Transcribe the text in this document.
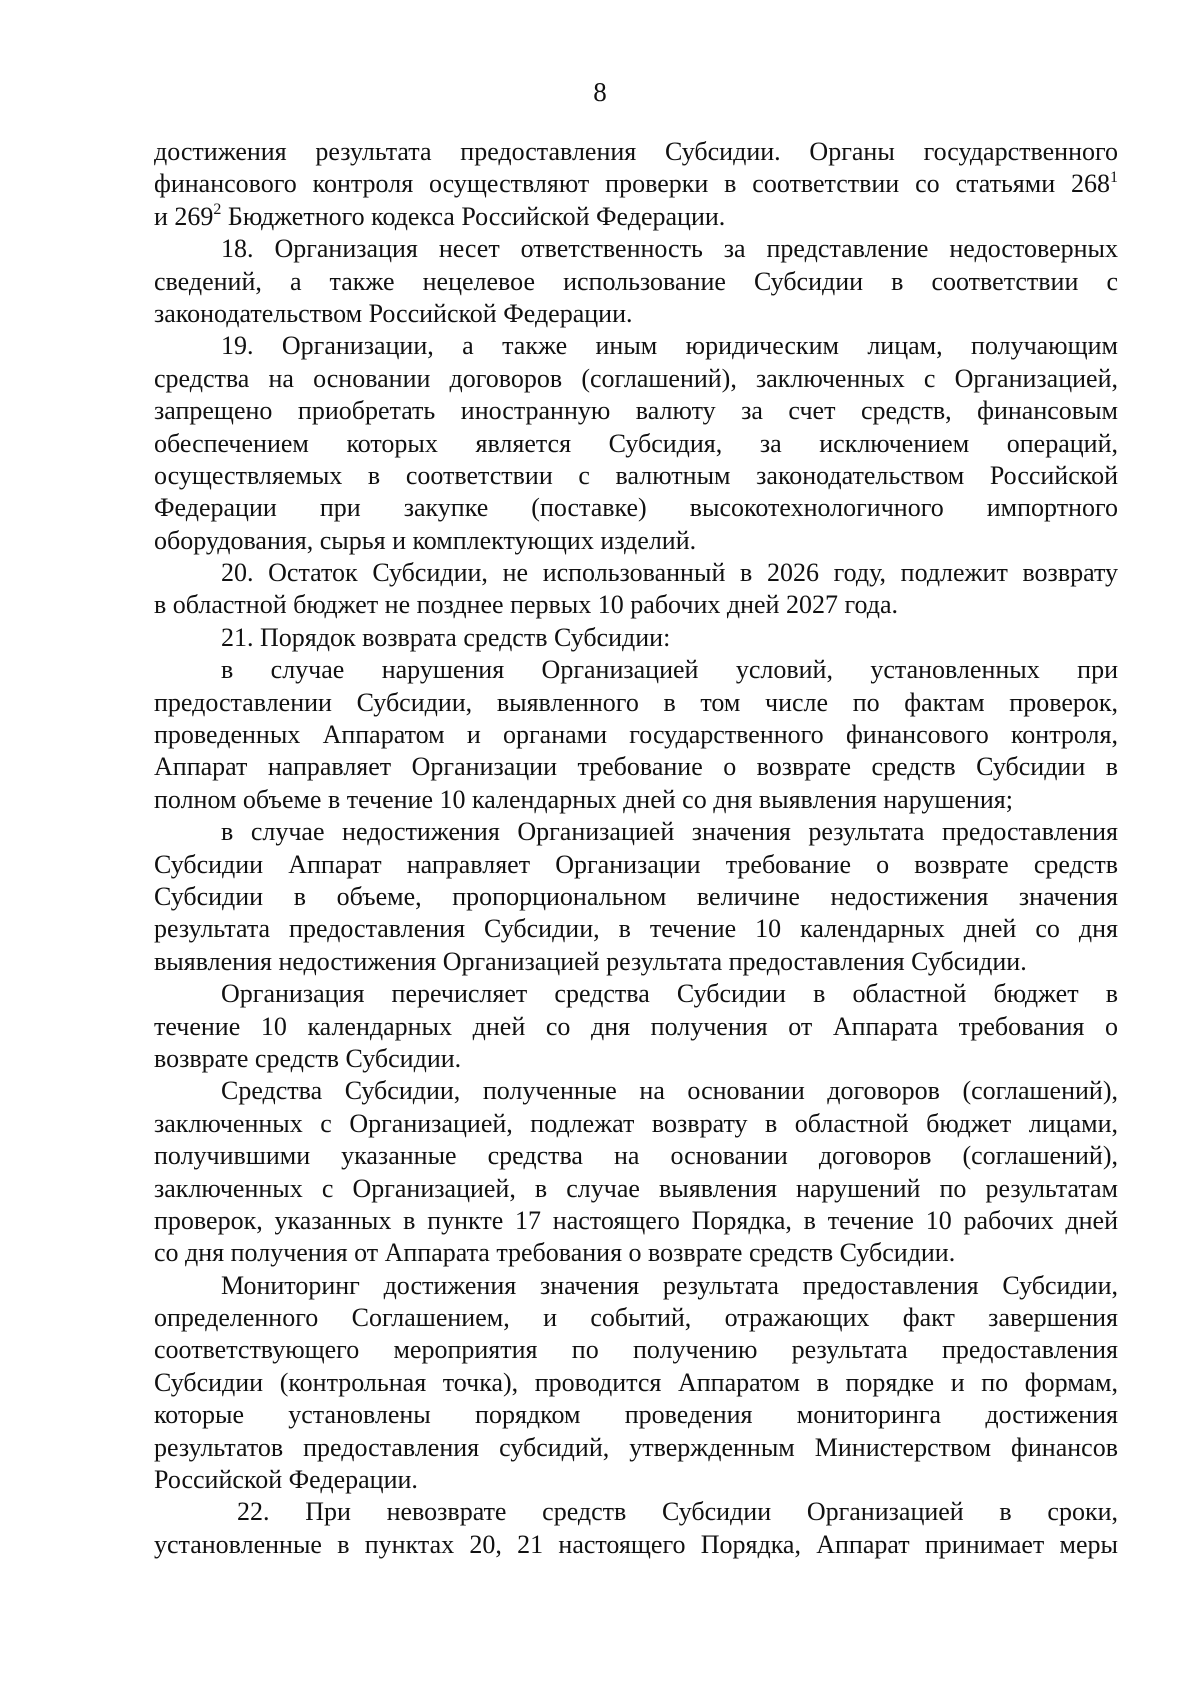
8
достижения результата предоставления Субсидии. Органы государственного
финансового контроля осуществляют проверки в соответствии со статьями $268^1$
и $269^2$ Бюджетного кодекса Российской Федерации.
18. Организация несет ответственность за представление недостоверных
сведений, а также нецелевое использование Субсидии в соответствии с
законодательством Российской Федерации.
19. Организации, а также иным юридическим лицам, получающим
средства на основании договоров (соглашений), заключенных с Организацией,
запрещено приобретать иностранную валюту за счет средств, финансовым
обеспечением которых является Субсидия, за исключением операций,
осуществляемых в соответствии с валютным законодательством Российской
Федерации при закупке (поставке) высокотехнологичного импортного
оборудования, сырья и комплектующих изделий.
20. Остаток Субсидии, не использованный в 2026 году, подлежит возврату
в областной бюджет не позднее первых 10 рабочих дней 2027 года.
21. Порядок возврата средств Субсидии:
в случае нарушения Организацией условий, установленных при
предоставлении Субсидии, выявленного в том числе по фактам проверок,
проведенных Аппаратом и органами государственного финансового контроля,
Аппарат направляет Организации требование о возврате средств Субсидии в
полном объеме в течение 10 календарных дней со дня выявления нарушения;
в случае недостижения Организацией значения результата предоставления
Субсидии Аппарат направляет Организации требование о возврате средств
Субсидии в объеме, пропорциональном величине недостижения значения
результата предоставления Субсидии, в течение 10 календарных дней со дня
выявления недостижения Организацией результата предоставления Субсидии.
Организация перечисляет средства Субсидии в областной бюджет в
течение 10 календарных дней со дня получения от Аппарата требования о
возврате средств Субсидии.
Средства Субсидии, полученные на основании договоров (соглашений),
заключенных с Организацией, подлежат возврату в областной бюджет лицами,
получившими указанные средства на основании договоров (соглашений),
заключенных с Организацией, в случае выявления нарушений по результатам
проверок, указанных в пункте 17 настоящего Порядка, в течение 10 рабочих дней
со дня получения от Аппарата требования о возврате средств Субсидии.
Мониторинг достижения значения результата предоставления Субсидии,
определенного Соглашением, и событий, отражающих факт завершения
соответствующего мероприятия по получению результата предоставления
Субсидии (контрольная точка), проводится Аппаратом в порядке и по формам,
которые установлены порядком проведения мониторинга достижения
результатов предоставления субсидий, утвержденным Министерством финансов
Российской Федерации.
22. При невозврате средств Субсидии Организацией в сроки,
установленные в пунктах 20, 21 настоящего Порядка, Аппарат принимает меры
